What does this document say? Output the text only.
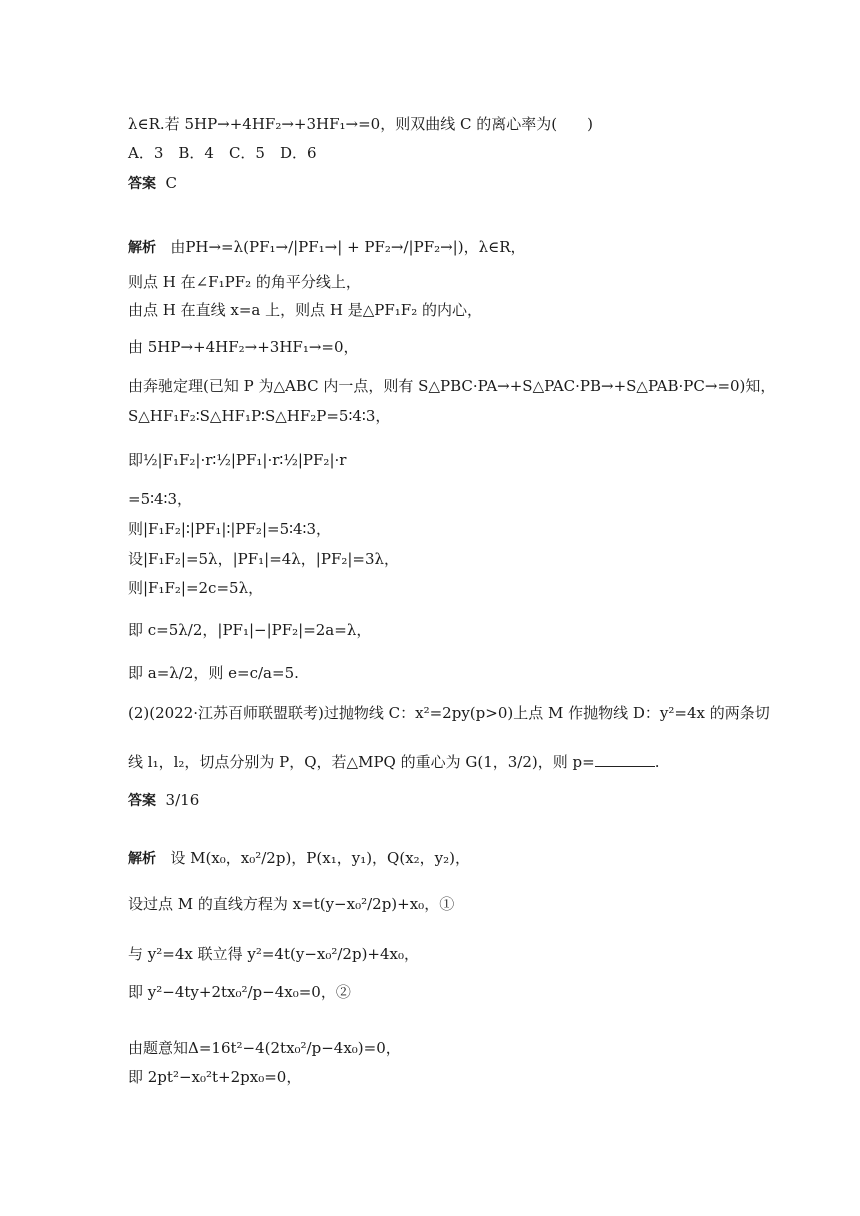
λ∈R.若 5HP→+4HF₂→+3HF₁→=0，则双曲线 C 的离心率为(　　)
A．3　B．4　C．5　D．6
答案 C
解析 由PH→=λ(PF₁→/|PF₁→| + PF₂→/|PF₂→|)，λ∈R，
则点 H 在∠F₁PF₂ 的角平分线上，
由点 H 在直线 x=a 上，则点 H 是△PF₁F₂ 的内心，
由 5HP→+4HF₂→+3HF₁→=0，
由奔驰定理(已知 P 为△ABC 内一点，则有 S△PBC·PA→+S△PAC·PB→+S△PAB·PC→=0)知，
S△HF₁F₂∶S△HF₁P∶S△HF₂P=5∶4∶3，
即½|F₁F₂|·r∶½|PF₁|·r∶½|PF₂|·r
=5∶4∶3，
则|F₁F₂|∶|PF₁|∶|PF₂|=5∶4∶3，
设|F₁F₂|=5λ，|PF₁|=4λ，|PF₂|=3λ，
则|F₁F₂|=2c=5λ，
即 c=5λ/2，|PF₁|−|PF₂|=2a=λ，
即 a=λ/2，则 e=c/a=5.
(2)(2022·江苏百师联盟联考)过抛物线 C：x²=2py(p>0)上点 M 作抛物线 D：y²=4x 的两条切
线 l₁，l₂，切点分别为 P，Q，若△MPQ 的重心为 G(1，3/2)，则 p=	.
答案 3/16
解析 设 M(x₀，x₀²/2p)，P(x₁，y₁)，Q(x₂，y₂)，
设过点 M 的直线方程为 x=t(y−x₀²/2p)+x₀，①
与 y²=4x 联立得 y²=4t(y−x₀²/2p)+4x₀，
即 y²−4ty+2tx₀²/p−4x₀=0，②
由题意知Δ=16t²−4(2tx₀²/p−4x₀)=0，
即 2pt²−x₀²t+2px₀=0，
